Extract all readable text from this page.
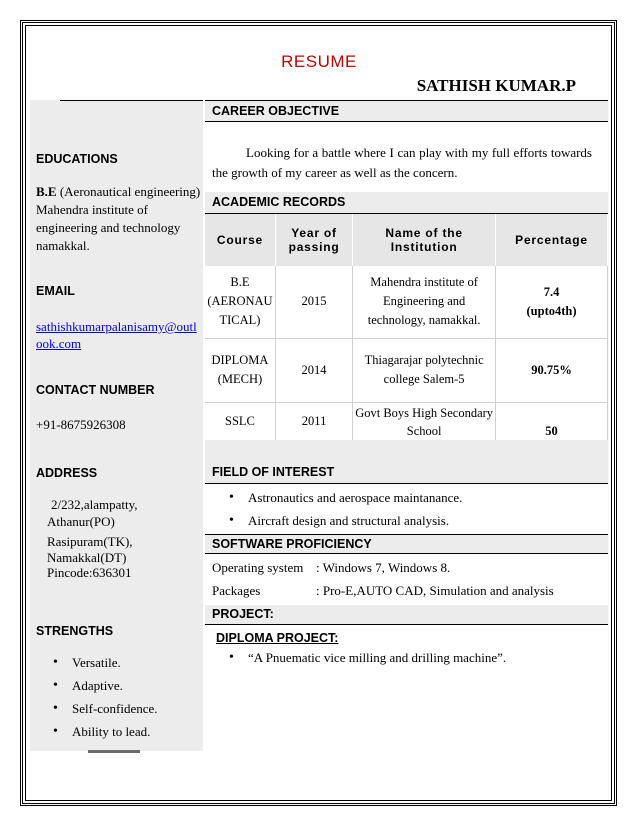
RESUME
SATHISH KUMAR.P
EDUCATIONS
B.E (Aeronautical engineering)
Mahendra institute of
engineering and technology
namakkal.
EMAIL
sathishkumarpalanisamy@outl
ook.com
CONTACT NUMBER
+91-8675926308
ADDRESS
2/232,alampatty,
Athanur(PO)
Rasipuram(TK),
Namakkal(DT)
Pincode:636301
STRENGTHS
• Versatile.
• Adaptive.
• Self-confidence.
• Ability to lead.
CAREER OBJECTIVE
Looking for a battle where I can play with my full efforts towards the growth of my career as well as the concern.
ACADEMIC RECORDS
Course	Year of passing	Name of the Institution	Percentage
B.E (AERONAU TICAL)	2015	Mahendra institute of Engineering and technology, namakkal.	7.4
(upto4th)

DIPLOMA (MECH)	2014	Thiagarajar polytechnic college Salem-5	90.75%
SSLC	2011	Govt Boys High Secondary School	50
FIELD OF INTEREST
• Astronautics and aerospace maintanance.
• Aircraft design and structural analysis.
SOFTWARE PROFICIENCY
Operating system : Windows 7, Windows 8.
Packages	: Pro-E,AUTO CAD, Simulation and analysis
PROJECT:
DIPLOMA PROJECT:
• “A Pnuematic vice milling and drilling machine”.
